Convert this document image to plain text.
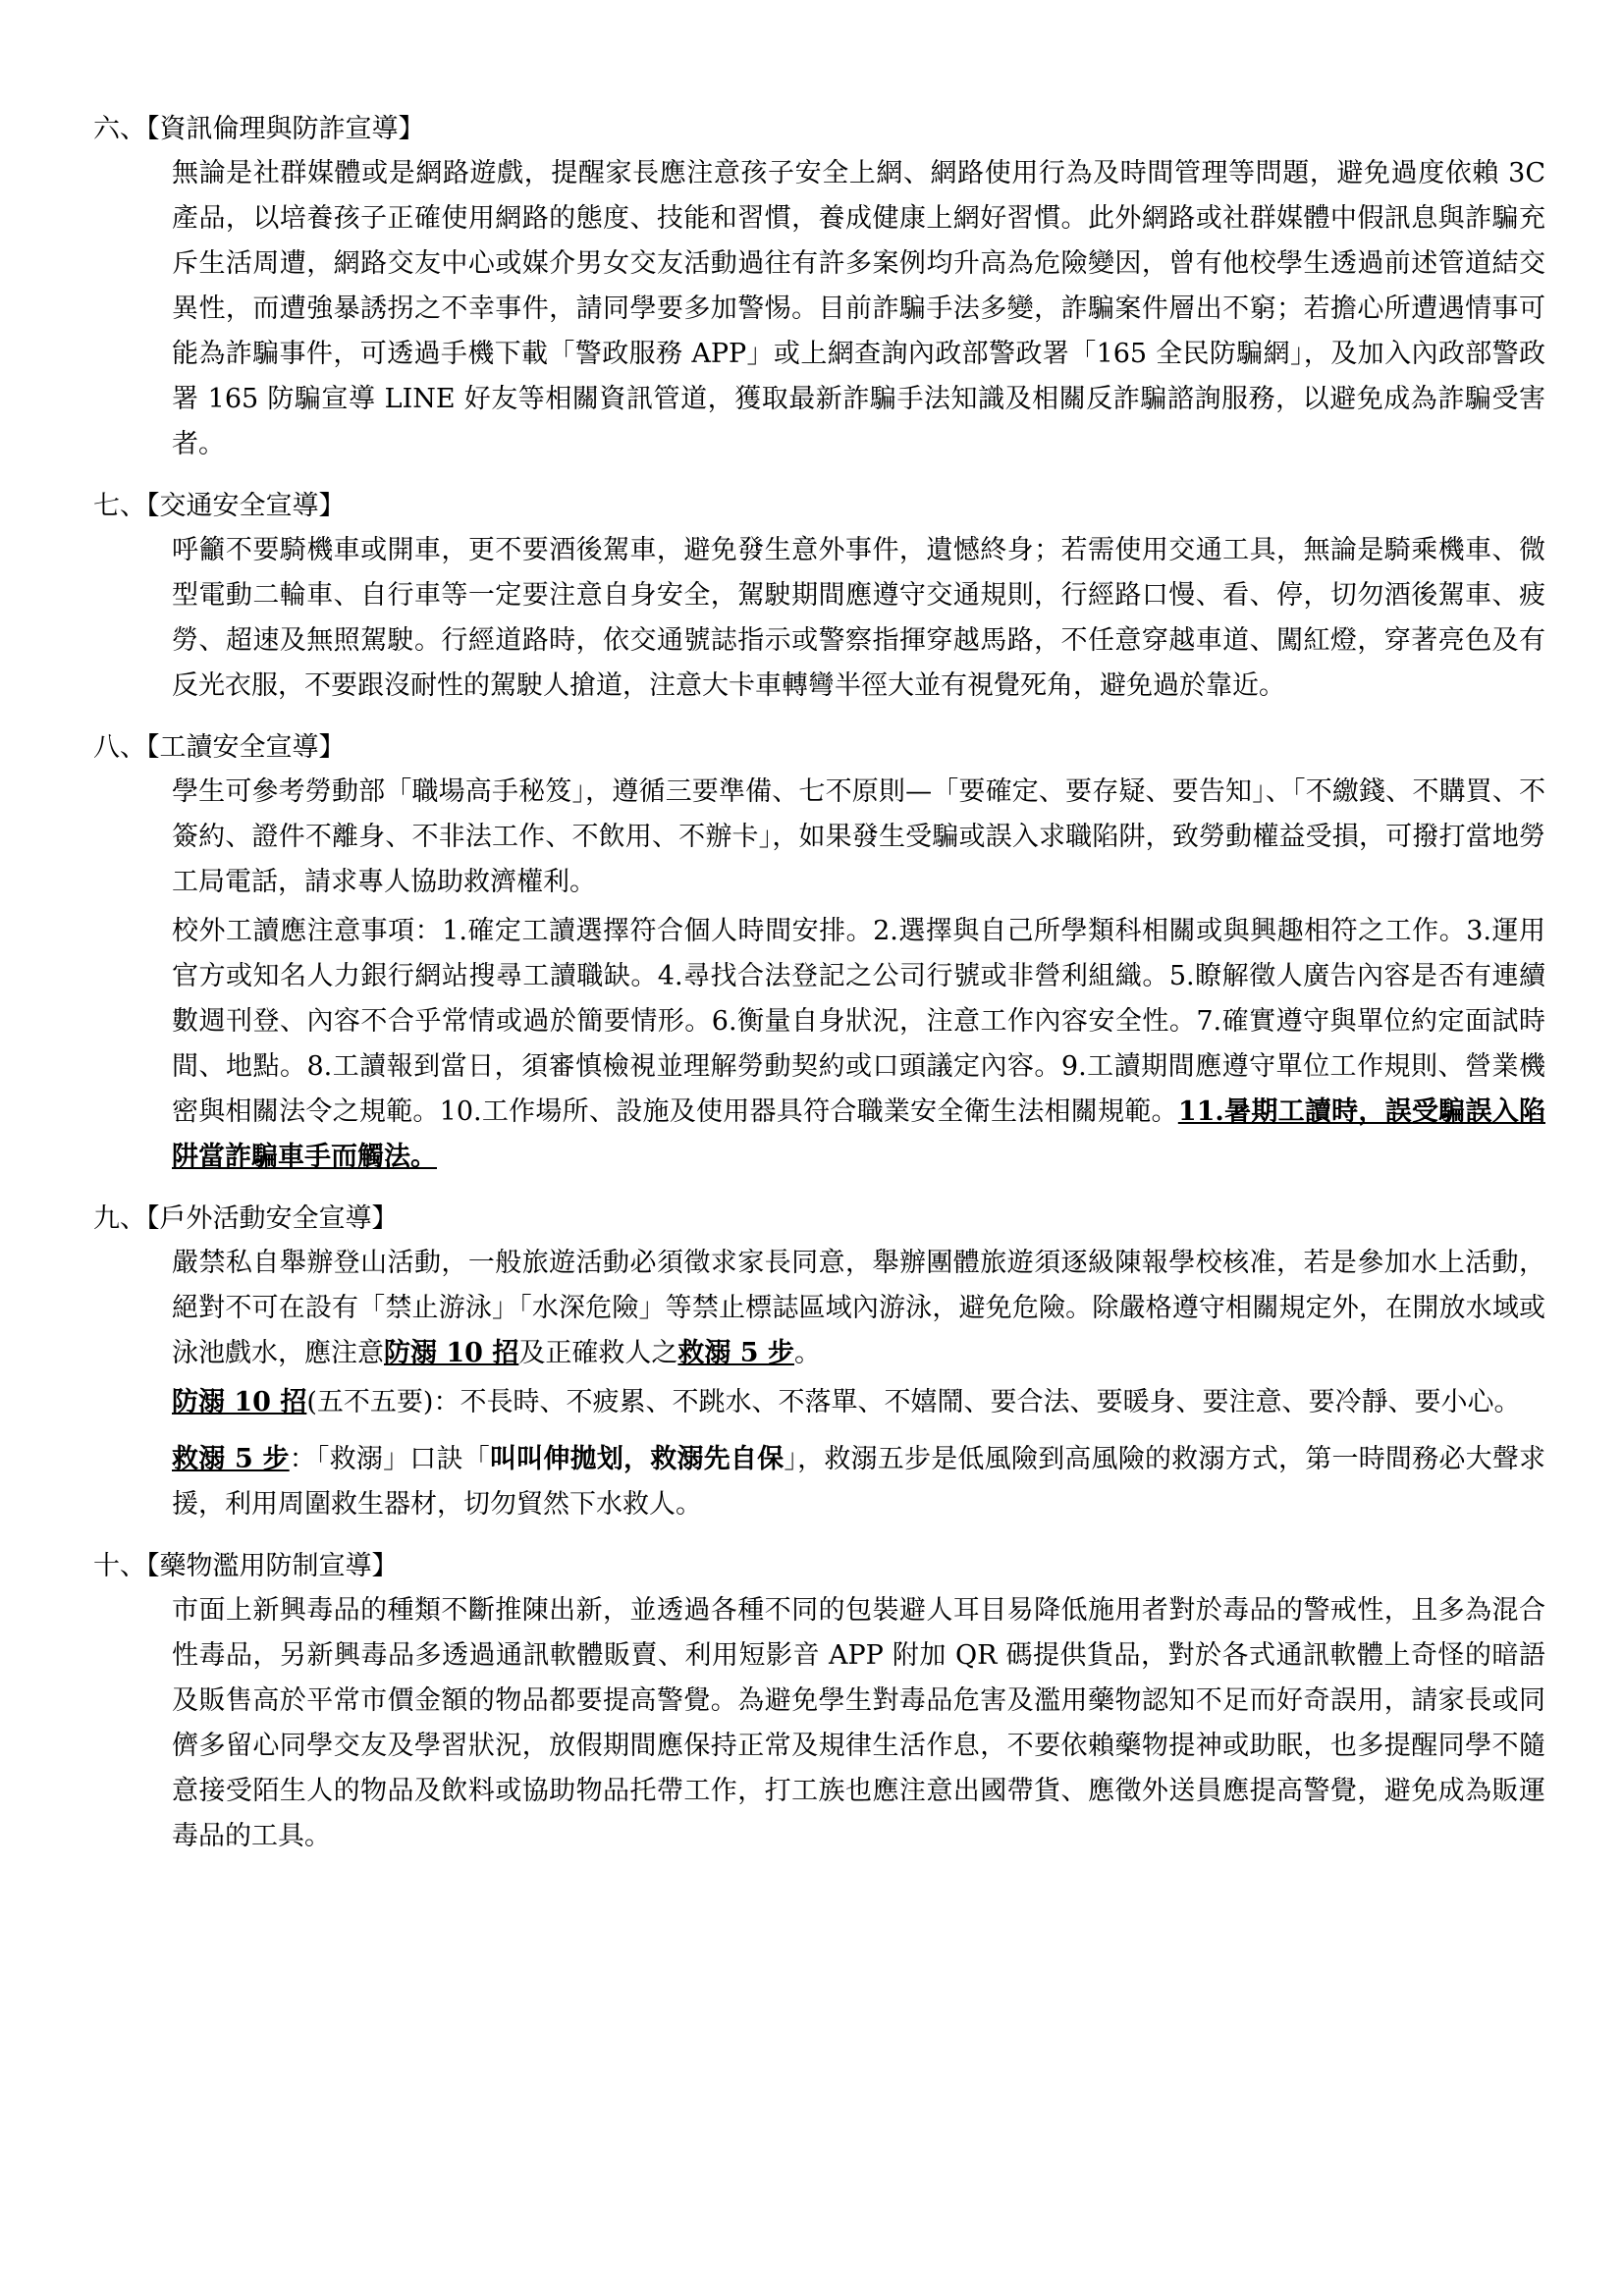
六、【資訊倫理與防詐宣導】

無論是社群媒體或是網路遊戲，提醒家長應注意孩子安全上網、網路使用行為及時間管理等問題，避免過度依賴 3C 產品，以培養孩子正確使用網路的態度、技能和習慣，養成健康上網好習慣。此外網路或社群媒體中假訊息與詐騙充斥生活周遭，網路交友中心或媒介男女交友活動過往有許多案例均升高為危險變因，曾有他校學生透過前述管道結交異性，而遭強暴誘拐之不幸事件，請同學要多加警惕。目前詐騙手法多變，詐騙案件層出不窮；若擔心所遭遇情事可能為詐騙事件，可透過手機下載「警政服務 APP」或上網查詢內政部警政署「165 全民防騙網」，及加入內政部警政署 165 防騙宣導 LINE 好友等相關資訊管道，獲取最新詐騙手法知識及相關反詐騙諮詢服務，以避免成為詐騙受害者。

七、【交通安全宣導】

呼籲不要騎機車或開車，更不要酒後駕車，避免發生意外事件，遺憾終身；若需使用交通工具，無論是騎乘機車、微型電動二輪車、自行車等一定要注意自身安全，駕駛期間應遵守交通規則，行經路口慢、看、停，切勿酒後駕車、疲勞、超速及無照駕駛。行經道路時，依交通號誌指示或警察指揮穿越馬路，不任意穿越車道、闖紅燈，穿著亮色及有反光衣服，不要跟沒耐性的駕駛人搶道，注意大卡車轉彎半徑大並有視覺死角，避免過於靠近。

八、【工讀安全宣導】

學生可參考勞動部「職場高手秘笈」，遵循三要準備、七不原則—「要確定、要存疑、要告知」、「不繳錢、不購買、不簽約、證件不離身、不非法工作、不飲用、不辦卡」，如果發生受騙或誤入求職陷阱，致勞動權益受損，可撥打當地勞工局電話，請求專人協助救濟權利。

校外工讀應注意事項：1.確定工讀選擇符合個人時間安排。2.選擇與自己所學類科相關或與興趣相符之工作。3.運用官方或知名人力銀行網站搜尋工讀職缺。4.尋找合法登記之公司行號或非營利組織。5.瞭解徵人廣告內容是否有連續數週刊登、內容不合乎常情或過於簡要情形。6.衡量自身狀況，注意工作內容安全性。7.確實遵守與單位約定面試時間、地點。8.工讀報到當日，須審慎檢視並理解勞動契約或口頭議定內容。9.工讀期間應遵守單位工作規則、營業機密與相關法令之規範。10.工作場所、設施及使用器具符合職業安全衛生法相關規範。11.暑期工讀時，誤受騙誤入陷阱當詐騙車手而觸法。

九、【戶外活動安全宣導】

嚴禁私自舉辦登山活動，一般旅遊活動必須徵求家長同意，舉辦團體旅遊須逐級陳報學校核准，若是參加水上活動，絕對不可在設有「禁止游泳」「水深危險」等禁止標誌區域內游泳，避免危險。除嚴格遵守相關規定外，在開放水域或泳池戲水，應注意防溺 10 招及正確救人之救溺 5 步。

防溺 10 招(五不五要)：不長時、不疲累、不跳水、不落單、不嬉鬧、要合法、要暖身、要注意、要冷靜、要小心。

救溺 5 步：「救溺」口訣「叫叫伸拋划，救溺先自保」，救溺五步是低風險到高風險的救溺方式，第一時間務必大聲求援，利用周圍救生器材，切勿貿然下水救人。

十、【藥物濫用防制宣導】

市面上新興毒品的種類不斷推陳出新，並透過各種不同的包裝避人耳目易降低施用者對於毒品的警戒性，且多為混合性毒品，另新興毒品多透過通訊軟體販賣、利用短影音 APP 附加 QR 碼提供貨品，對於各式通訊軟體上奇怪的暗語及販售高於平常市價金額的物品都要提高警覺。為避免學生對毒品危害及濫用藥物認知不足而好奇誤用，請家長或同儕多留心同學交友及學習狀況，放假期間應保持正常及規律生活作息，不要依賴藥物提神或助眠，也多提醒同學不隨意接受陌生人的物品及飲料或協助物品托帶工作，打工族也應注意出國帶貨、應徵外送員應提高警覺，避免成為販運毒品的工具。
